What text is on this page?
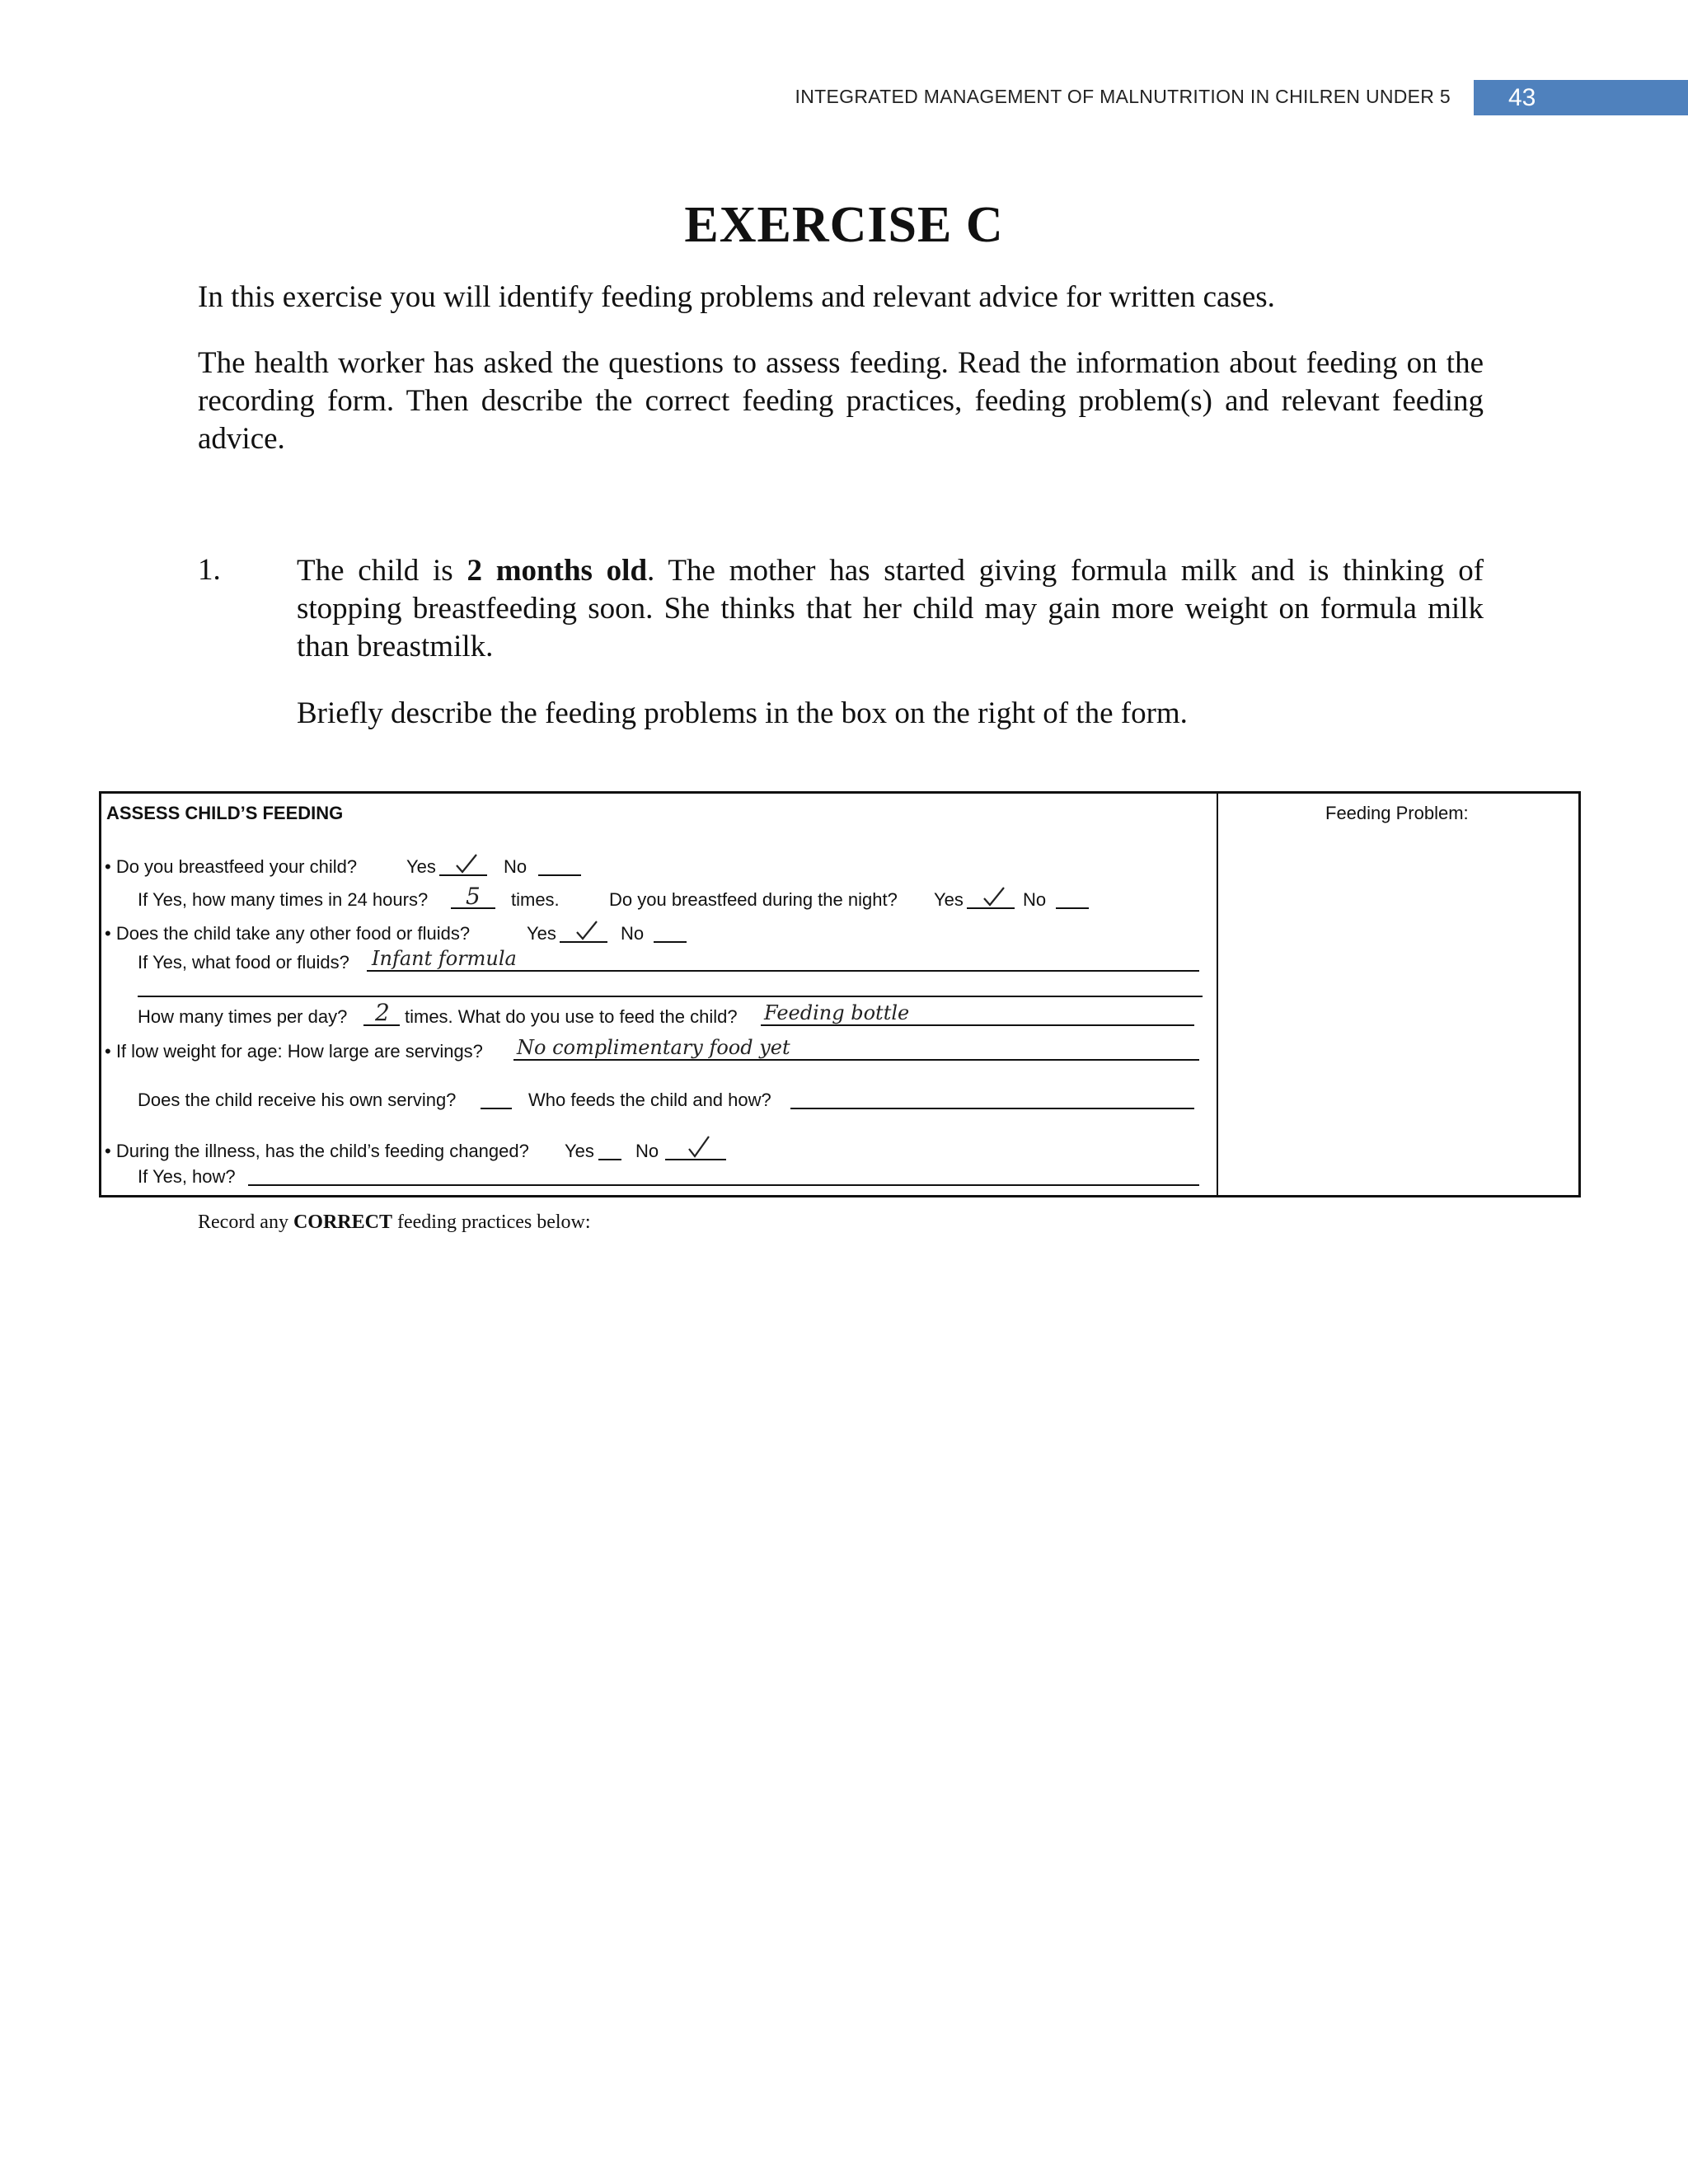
INTEGRATED MANAGEMENT OF MALNUTRITION IN CHILREN UNDER 5	43
EXERCISE C
In this exercise you will identify feeding problems and relevant advice for written cases.
The health worker has asked the questions to assess feeding. Read the information about feeding on the recording form. Then describe the correct feeding practices, feeding problem(s) and relevant feeding advice.
1. The child is 2 months old. The mother has started giving formula milk and is thinking of stopping breastfeeding soon. She thinks that her child may gain more weight on formula milk than breastmilk.
Briefly describe the feeding problems in the box on the right of the form.
ASSESS CHILD’S FEEDING	Feeding Problem:
• Do you breastfeed your child?	Yes	No
If Yes, how many times in 24 hours? 5 times.	Do you breastfeed during the night? Yes	No
• Does the child take any other food or fluids?	Yes	No
If Yes, what food or fluids? Infant formula
How many times per day? 2 times. What do you use to feed the child? Feeding bottle
• If low weight for age: How large are servings? No complimentary food yet
Does the child receive his own serving?	Who feeds the child and how?
• During the illness, has the child’s feeding changed? Yes No
If Yes, how?
Record any CORRECT feeding practices below:
